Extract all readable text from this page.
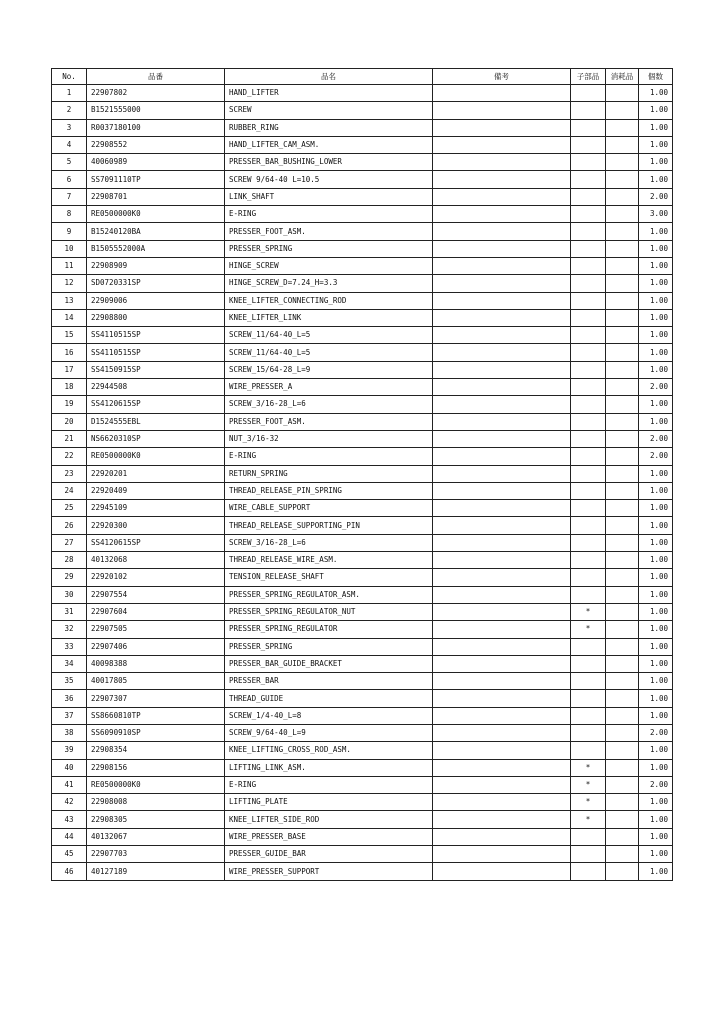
No.	品番	品名	備考	子部品	消耗品	個数
1	22907802	HAND_LIFTER				1.00
2	B1521555000	SCREW				1.00
3	R0037180100	RUBBER_RING				1.00
4	22908552	HAND_LIFTER_CAM_ASM.				1.00
5	40060989	PRESSER_BAR_BUSHING_LOWER				1.00
6	SS7091110TP	SCREW 9/64-40 L=10.5				1.00
7	22908701	LINK_SHAFT				2.00
8	RE0500000K0	E-RING				3.00
9	B15240120BA	PRESSER_FOOT_ASM.				1.00
10	B1505552000A	PRESSER_SPRING				1.00
11	22908909	HINGE_SCREW				1.00
12	SD0720331SP	HINGE_SCREW_D=7.24_H=3.3				1.00
13	22909006	KNEE_LIFTER_CONNECTING_ROD				1.00
14	22908800	KNEE_LIFTER_LINK				1.00
15	SS4110515SP	SCREW_11/64-40_L=5				1.00
16	SS4110515SP	SCREW_11/64-40_L=5				1.00
17	SS4150915SP	SCREW_15/64-28_L=9				1.00
18	22944508	WIRE_PRESSER_A				2.00
19	SS4120615SP	SCREW_3/16-28_L=6				1.00
20	D1524555EBL	PRESSER_FOOT_ASM.				1.00
21	NS6620310SP	NUT_3/16-32				2.00
22	RE0500000K0	E-RING				2.00
23	22920201	RETURN_SPRING				1.00
24	22920409	THREAD_RELEASE_PIN_SPRING				1.00
25	22945109	WIRE_CABLE_SUPPORT				1.00
26	22920300	THREAD_RELEASE_SUPPORTING_PIN				1.00
27	SS4120615SP	SCREW_3/16-28_L=6				1.00
28	40132068	THREAD_RELEASE_WIRE_ASM.				1.00
29	22920102	TENSION_RELEASE_SHAFT				1.00
30	22907554	PRESSER_SPRING_REGULATOR_ASM.				1.00
31	22907604	PRESSER_SPRING_REGULATOR_NUT		*		1.00
32	22907505	PRESSER_SPRING_REGULATOR		*		1.00
33	22907406	PRESSER_SPRING				1.00
34	40098388	PRESSER_BAR_GUIDE_BRACKET				1.00
35	40017805	PRESSER_BAR				1.00
36	22907307	THREAD_GUIDE				1.00
37	SS8660810TP	SCREW_1/4-40_L=8				1.00
38	SS6090910SP	SCREW_9/64-40_L=9				2.00
39	22908354	KNEE_LIFTING_CROSS_ROD_ASM.				1.00
40	22908156	LIFTING_LINK_ASM.		*		1.00
41	RE0500000K0	E-RING		*		2.00
42	22908008	LIFTING_PLATE		*		1.00
43	22908305	KNEE_LIFTER_SIDE_ROD		*		1.00
44	40132067	WIRE_PRESSER_BASE				1.00
45	22907703	PRESSER_GUIDE_BAR				1.00
46	40127189	WIRE_PRESSER_SUPPORT				1.00
